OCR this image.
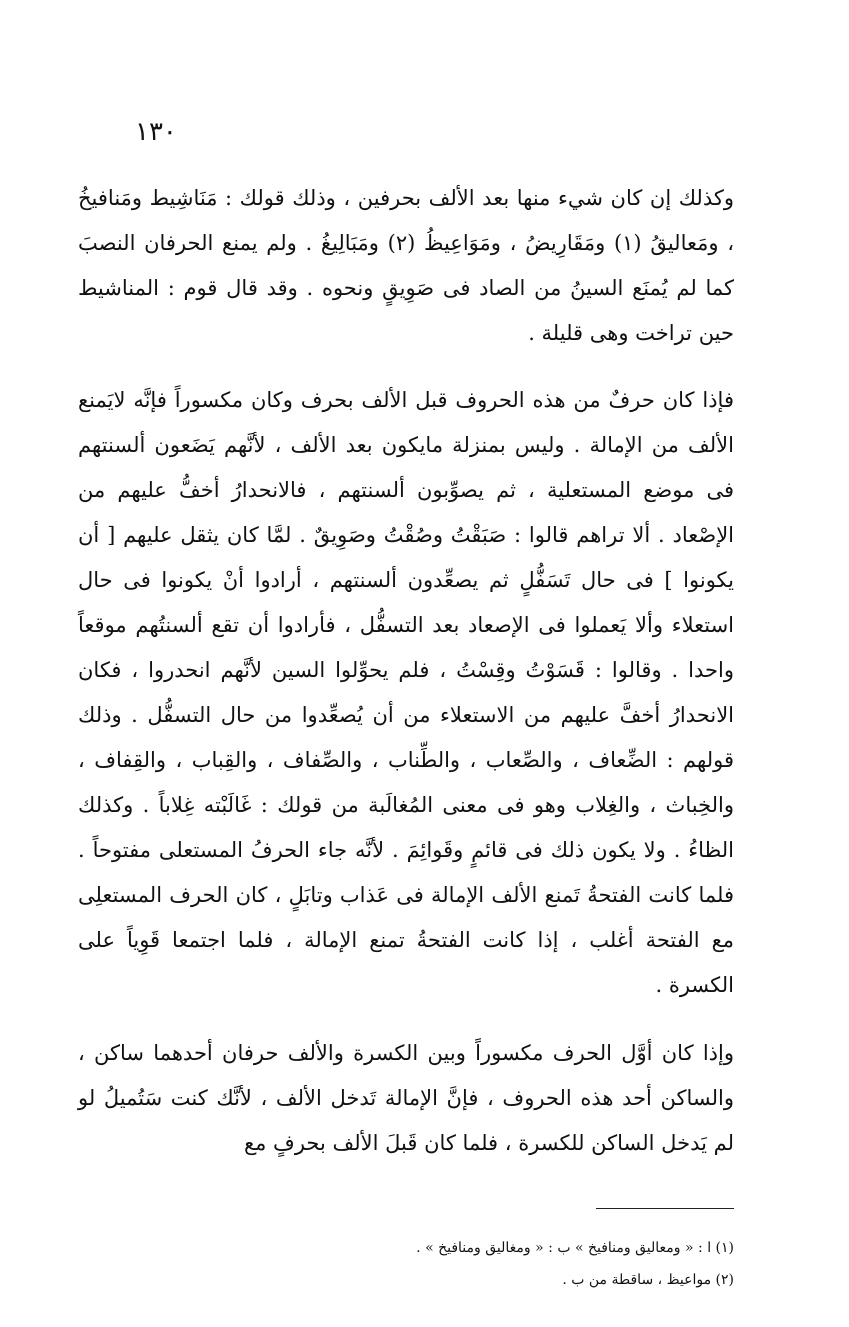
١٣٠

وكذلك إن كان شيء منها بعد الألف بحرفين ، وذلك قولك : مَنَاشِيط ومَنافيخُ ، ومَعاليقُ (١) ومَقَارِيضُ ، ومَوَاعِيظُ (٢) ومَبَالِيغُ . ولم يمنع الحرفان النصبَ كما لم يُمنَع السينُ من الصاد فى صَوِيقٍ ونحوه . وقد قال قوم : المناشيط حين تراخت وهى قليلة .

فإذا كان حرفٌ من هذه الحروف قبل الألف بحرف وكان مكسوراً فإنَّه لايَمنع الألف من الإمالة . وليس بمنزلة مايكون بعد الألف ، لأنَّهم يَضَعون ألسنتهم فى موضع المستعلية ، ثم يصوِّبون ألسنتهم ، فالانحدارُ أخفُّ عليهم من الإصْعاد . ألا تراهم قالوا : صَبَقْتُ وصُقْتُ وصَوِيقٌ . لمَّا كان يثقل عليهم [ أن يكونوا ] فى حال تَسَفُّلٍ ثم يصعِّدون ألسنتهم ، أرادوا أنْ يكونوا فى حال استعلاء وألا يَعملوا فى الإصعاد بعد التسفُّل ، فأرادوا أن تقع ألسنتُهم موقعاً واحدا . وقالوا : قَسَوْتُ وقِسْتُ ، فلم يحوِّلوا السين لأنَّهم انحدروا ، فكان الانحدارُ أخفَّ عليهم من الاستعلاء من أن يُصعِّدوا من حال التسفُّل . وذلك قولهم : الضِّعاف ، والصِّعاب ، والطِّناب ، والصِّفاف ، والقِباب ، والقِفاف ، والخِباث ، والغِلاب وهو فى معنى المُغالَبة من قولك : غَالَبْته غِلاباً . وكذلك الظاءُ . ولا يكون ذلك فى قائمٍ وقَوائِمَ . لأنَّه جاء الحرفُ المستعلى مفتوحاً . فلما كانت الفتحةُ تَمنع الألف الإمالة فى عَذاب وتابَلٍ ، كان الحرف المستعلِى مع الفتحة أغلب ، إذا كانت الفتحةُ تمنع الإمالة ، فلما اجتمعا قَوِياً على الكسرة .

وإذا كان أوَّل الحرف مكسوراً وبين الكسرة والألف حرفان أحدهما ساكن ، والساكن أحد هذه الحروف ، فإنَّ الإمالة تَدخل الألف ، لأنَّك كنت سَتُميلُ لو لم يَدخل الساكن للكسرة ، فلما كان قَبلَ الألف بحرفٍ مع

(١) ا : « ومعاليق ومنافيخ » ب : « ومغاليق ومنافيخ » .
(٢) مواعيظ ، ساقطة من ب .
